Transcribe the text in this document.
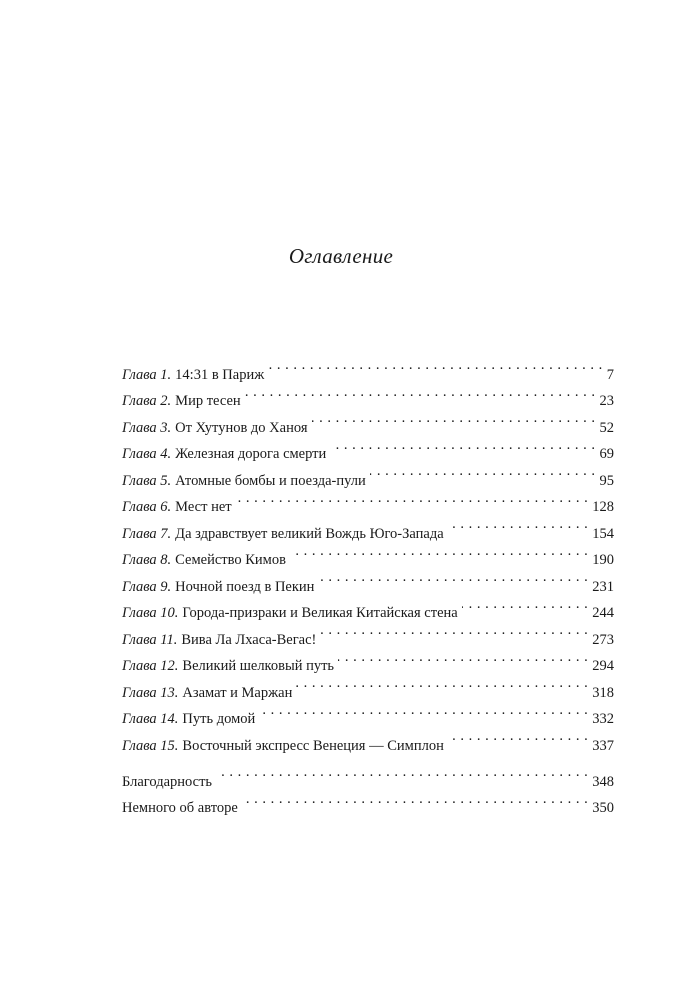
Оглавление
Глава 1. 14:31 в Париж . . .	7
Глава 2. Мир тесен . . .	23
Глава 3. От Хутунов до Ханоя . . .	52
Глава 4. Железная дорога смерти . . .	69
Глава 5. Атомные бомбы и поезда-пули . . .	95
Глава 6. Мест нет . . .	128
Глава 7. Да здравствует великий Вождь Юго-Запада . . .	154
Глава 8. Семейство Кимов . . .	190
Глава 9. Ночной поезд в Пекин . . .	231
Глава 10. Города-призраки и Великая Китайская стена . . .	244
Глава 11. Вива Ла Лхаса-Вегас! . . .	273
Глава 12. Великий шелковый путь . . .	294
Глава 13. Азамат и Маржан . . .	318
Глава 14. Путь домой . . .	332
Глава 15. Восточный экспресс Венеция — Симплон . . .	337
Благодарность . . .	348
Немного об авторе . . .	350
